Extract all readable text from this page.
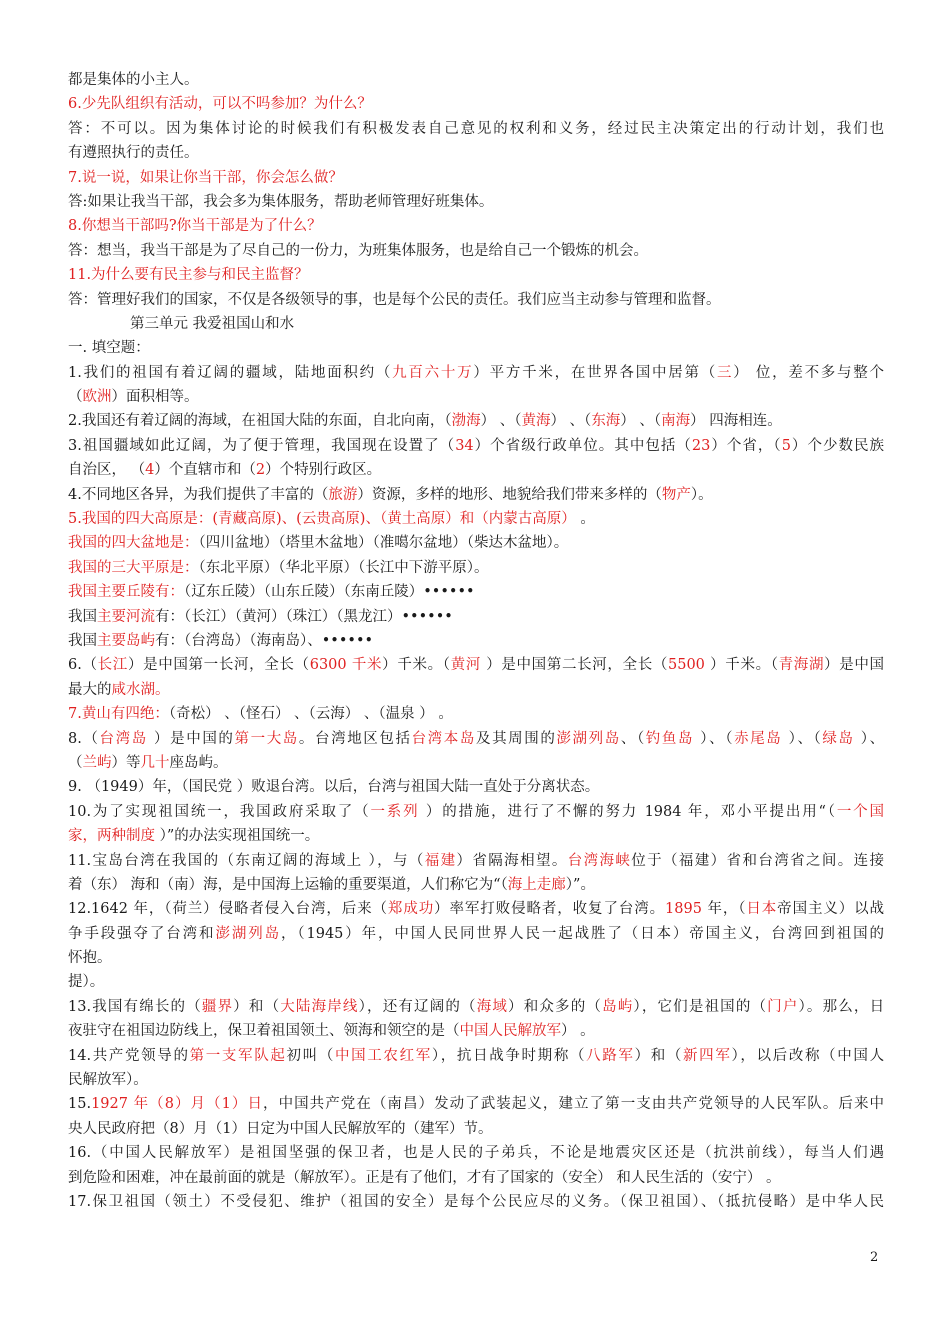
都是集体的小主人。
6.少先队组织有活动，可以不吗参加？为什么？
答：不可以。因为集体讨论的时候我们有积极发表自己意见的权利和义务，经过民主决策定出的行动计划，我们也
有遵照执行的责任。
7.说一说，如果让你当干部，你会怎么做？
答:如果让我当干部，我会多为集体服务，帮助老师管理好班集体。
8.你想当干部吗?你当干部是为了什么？
答：想当，我当干部是为了尽自己的一份力，为班集体服务，也是给自己一个锻炼的机会。
11.为什么要有民主参与和民主监督？
答：管理好我们的国家，不仅是各级领导的事，也是每个公民的责任。我们应当主动参与管理和监督。
第三单元 我爱祖国山和水
一. 填空题：
1.我们的祖国有着辽阔的疆域，陆地面积约（九百六十万）平方千米，在世界各国中居第（三） 位，差不多与整个
（欧洲）面积相等。
2.我国还有着辽阔的海域，在祖国大陆的东面，自北向南，（渤海） 、（黄海） 、（东海） 、（南海） 四海相连。
3.祖国疆域如此辽阔，为了便于管理，我国现在设置了（34）个省级行政单位。其中包括（23）个省，（5）个少数民族
自治区， （4）个直辖市和（2）个特别行政区。
4.不同地区各异，为我们提供了丰富的（旅游）资源，多样的地形、地貌给我们带来多样的（物产）。
5.我国的四大高原是：(青藏高原)、(云贵高原)、（黄土高原）和（内蒙古高原） 。
我国的四大盆地是：（四川盆地）（塔里木盆地）（准噶尔盆地）（柴达木盆地）。
我国的三大平原是：（东北平原）（华北平原）（长江中下游平原）。
我国主要丘陵有：（辽东丘陵）（山东丘陵）（东南丘陵）••••••
我国主要河流有：（长江）（黄河）（珠江）（黑龙江）••••••
我国主要岛屿有：（台湾岛）（海南岛）、••••••
6.（长江）是中国第一长河，全长（6300 千米）千米。（黄河 ）是中国第二长河，全长（5500 ）千米。（青海湖）是中国
最大的咸水湖。
7.黄山有四绝：（奇松） 、（怪石） 、（云海） 、（温泉 ） 。
8.（台湾岛 ）是中国的第一大岛。台湾地区包括台湾本岛及其周围的澎湖列岛、（钓鱼岛 ）、（赤尾岛 ）、（绿岛 ）、
（兰屿）等几十座岛屿。
9. （1949）年，（国民党 ）败退台湾。以后，台湾与祖国大陆一直处于分离状态。
10.为了实现祖国统一，我国政府采取了（一系列 ）的措施，进行了不懈的努力 1984 年，邓小平提出用“（一个国
家，两种制度 ）”的办法实现祖国统一。
11.宝岛台湾在我国的（东南辽阔的海域上 ），与（福建）省隔海相望。台湾海峡位于（福建）省和台湾省之间。连接
着（东） 海和（南）海，是中国海上运输的重要渠道，人们称它为“（海上走廊）”。
12.1642 年，（荷兰）侵略者侵入台湾，后来（郑成功）率军打败侵略者，收复了台湾。1895 年，（日本帝国主义）以战
争手段强夺了台湾和澎湖列岛，（1945）年，中国人民同世界人民一起战胜了（日本）帝国主义，台湾回到祖国的
怀抱。
提）。
13.我国有绵长的（疆界）和（大陆海岸线），还有辽阔的（海域）和众多的（岛屿），它们是祖国的（门户）。那么，日
夜驻守在祖国边防线上，保卫着祖国领土、领海和领空的是（中国人民解放军） 。
14.共产党领导的第一支军队起初叫（中国工农红军），抗日战争时期称（八路军）和（新四军），以后改称（中国人
民解放军）。
15.1927 年（8）月（1）日，中国共产党在（南昌）发动了武装起义，建立了第一支由共产党领导的人民军队。后来中
央人民政府把（8）月（1）日定为中国人民解放军的（建军）节。
16.（中国人民解放军）是祖国坚强的保卫者，也是人民的子弟兵，不论是地震灾区还是（抗洪前线），每当人们遇
到危险和困难，冲在最前面的就是（解放军）。正是有了他们，才有了国家的（安全） 和人民生活的（安宁） 。
17.保卫祖国（领土）不受侵犯、维护（祖国的安全）是每个公民应尽的义务。（保卫祖国）、（抵抗侵略）是中华人民
2
